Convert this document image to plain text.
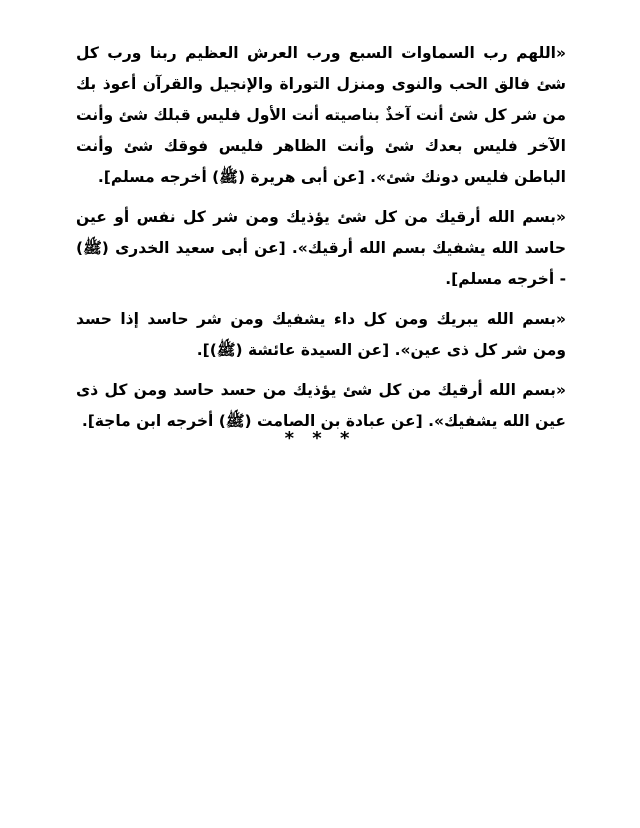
«اللهم رب السماوات السبع ورب العرش العظيم ربنا ورب كل شئ فالق الحب والنوى ومنزل التوراة والإنجيل والقرآن أعوذ بك من شر كل شئ أنت آخذٌ بناصيته أنت الأول فليس قبلك شئ وأنت الآخر فليس بعدك شئ وأنت الظاهر فليس فوقك شئ وأنت الباطن فليس دونك شئ». [عن أبى هريرة (ﷺ) أخرجه مسلم].

«بسم الله أرقيك من كل شئ يؤذيك ومن شر كل نفس أو عين حاسد الله يشفيك بسم الله أرقيك». [عن أبى سعيد الخدرى (ﷺ) - أخرجه مسلم].

«بسم الله يبريك ومن كل داء يشفيك ومن شر حاسد إذا حسد ومن شر كل ذى عين». [عن السيدة عائشة (ﷺ)].

«بسم الله أرقيك من كل شئ يؤذيك من حسد حاسد ومن كل ذى عين الله يشفيك». [عن عبادة بن الصامت (ﷺ) أخرجه ابن ماجة].

* * *
